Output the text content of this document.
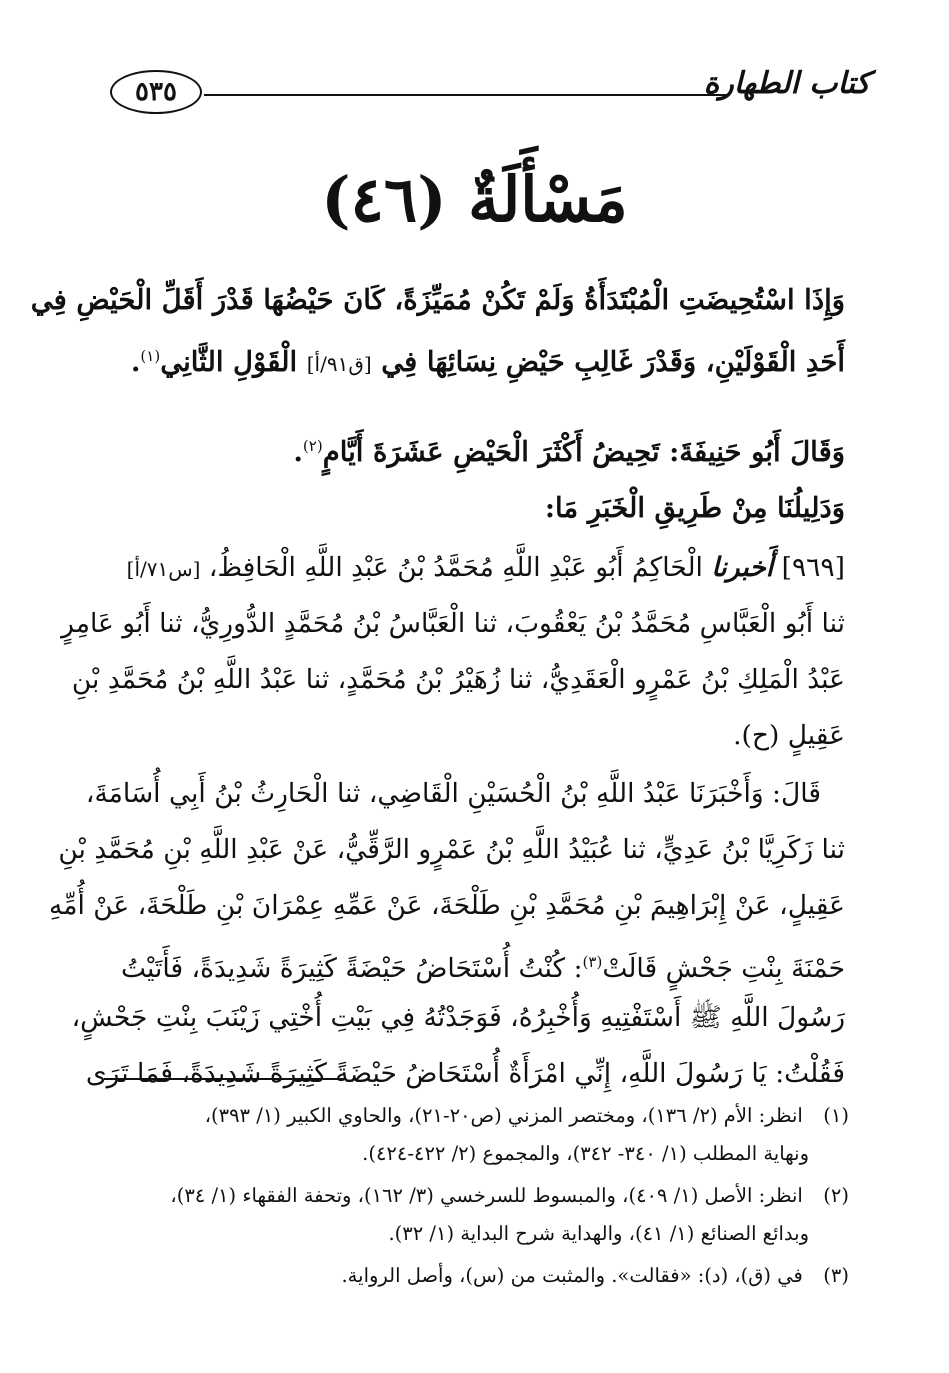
كتاب الطهارة
٥٣٥
مَسْأَلَةٌ (٤٦)
وَإِذَا اسْتُحِيضَتِ الْمُبْتَدَأَةُ وَلَمْ تَكُنْ مُمَيِّزَةً، كَانَ حَيْضُهَا قَدْرَ أَقَلِّ الْحَيْضِ فِي
أَحَدِ الْقَوْلَيْنِ، وَقَدْرَ غَالِبِ حَيْضِ نِسَائِهَا فِي [ق٩١/أ] الْقَوْلِ الثَّانِي$^{(١)}$.
وَقَالَ أَبُو حَنِيفَةَ: تَحِيضُ أَكْثَرَ الْحَيْضِ عَشَرَةَ أَيَّامٍ$^{(٢)}$.
وَدَلِيلُنَا مِنْ طَرِيقِ الْخَبَرِ مَا:
[٩٦٩] أَخبرنا الْحَاكِمُ أَبُو عَبْدِ اللَّهِ مُحَمَّدُ بْنُ عَبْدِ اللَّهِ الْحَافِظُ، [س٧١/أ]
ثنا أَبُو الْعَبَّاسِ مُحَمَّدُ بْنُ يَعْقُوبَ، ثنا الْعَبَّاسُ بْنُ مُحَمَّدٍ الدُّورِيُّ، ثنا أَبُو عَامِرٍ
عَبْدُ الْمَلِكِ بْنُ عَمْرٍو الْعَقَدِيُّ، ثنا زُهَيْرُ بْنُ مُحَمَّدٍ، ثنا عَبْدُ اللَّهِ بْنُ مُحَمَّدِ بْنِ
عَقِيلٍ (ح).
قَالَ: وَأَخْبَرَنَا عَبْدُ اللَّهِ بْنُ الْحُسَيْنِ الْقَاضِي، ثنا الْحَارِثُ بْنُ أَبِي أُسَامَةَ،
ثنا زَكَرِيَّا بْنُ عَدِيٍّ، ثنا عُبَيْدُ اللَّهِ بْنُ عَمْرٍو الرَّقِّيُّ، عَنْ عَبْدِ اللَّهِ بْنِ مُحَمَّدِ بْنِ
عَقِيلٍ، عَنْ إِبْرَاهِيمَ بْنِ مُحَمَّدِ بْنِ طَلْحَةَ، عَنْ عَمِّهِ عِمْرَانَ بْنِ طَلْحَةَ، عَنْ أُمِّهِ
حَمْنَةَ بِنْتِ جَحْشٍ قَالَتْ$^{(٣)}$: كُنْتُ أُسْتَحَاضُ حَيْضَةً كَثِيرَةً شَدِيدَةً، فَأَتَيْتُ
رَسُولَ اللَّهِ ﷺ أَسْتَفْتِيهِ وَأُخْبِرُهُ، فَوَجَدْتُهُ فِي بَيْتِ أُخْتِي زَيْنَبَ بِنْتِ جَحْشٍ،
فَقُلْتُ: يَا رَسُولَ اللَّهِ، إِنِّي امْرَأَةٌ أُسْتَحَاضُ حَيْضَةً كَثِيرَةً شَدِيدَةً، فَمَا تَرَى
(١) انظر: الأم (٢/ ١٣٦)، ومختصر المزني (ص٢٠-٢١)، والحاوي الكبير (١/ ٣٩٣)،
ونهاية المطلب (١/ ٣٤٠- ٣٤٢)، والمجموع (٢/ ٤٢٢-٤٢٤).
(٢) انظر: الأصل (١/ ٤٠٩)، والمبسوط للسرخسي (٣/ ١٦٢)، وتحفة الفقهاء (١/ ٣٤)،
وبدائع الصنائع (١/ ٤١)، والهداية شرح البداية (١/ ٣٢).
(٣) في (ق)، (د): «فقالت». والمثبت من (س)، وأصل الرواية.
